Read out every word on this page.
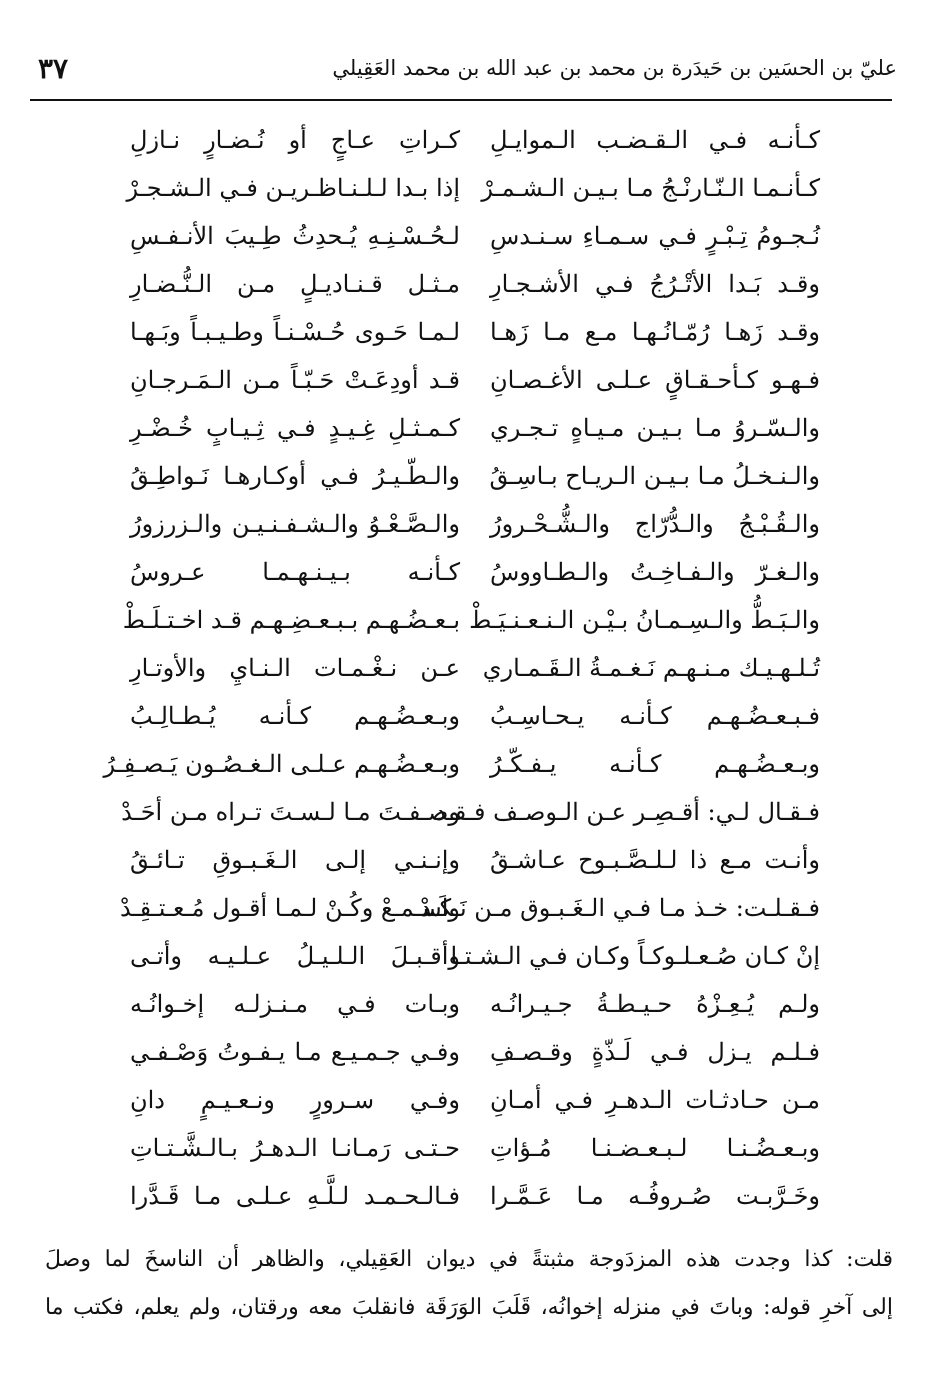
عليّ بن الحسَين بن حَيدَرة بن محمد بن عبد الله بن محمد العَقِيلي
٣٧
كـأنـه فـي الـقـضـب الـموايـلِ
كـراتِ عـاجٍ أو نُـضـارٍ نـازلِ
كـأنـمـا الـنّـارنْـجُ مـا بـيـن الـشـمـرْ
إذا بـدا لـلـنـاظـريـن فـي الـشـجـرْ
نُـجـومُ تِـبْـرٍ فـي سـمـاءِ سـنـدسِ
لـحُـسْـنِـهِ يُـحدِثُ طِـيبَ الأنـفـسِ
وقـد بَـدا الأتْـرُجُ فـي الأشـجـارِ
مـثـل قـنـاديـلٍ مـن الـنُّـضـارِ
وقـد زَهـا رُمّـانُـهـا مـع مـا زَهـا
لـمـا حَـوى حُـسْـنـاً وطـيـبـاً وبَـهـا
فـهـو كـأحـقـاقٍ عـلـى الأغـصـانِ
قـد أودِعَـتْ حَـبّـاً مـن الـمَـرجـانِ
والـسّـروُ مـا بـيـن مـيـاهٍ تـجـري
كـمـثـلِ غِـيـدٍ فـي ثِـيـابٍ خُـضْـرِ
والـنـخـلُ مـا بـيـن الـريـاح بـاسِـقُ
والـطّـيـرُ فـي أوكـارهـا نَـواطِـقُ
والـقُـبْـجُ والـدُّرّاج والـشُّـحْـرورُ
والـصَّـعْـوُ والـشـفـنـيـن والـزرزورُ
والـغـرّ والـفـاخِـتُ والـطـاووسُ
كـأنـه بـيـنـهـمـا عـروسُ
والـبَـطُّ والـسِـمـانُ بـيْـن الـنـعـنـيَـطْ
بـعـضُـهـم بـبـعـضِـهـم قـد اخـتـلَـطْ
تُـلـهـيـك مـنـهـم نَـغـمـةُ الـقَـمـاري
عـن نـغْـمـات الـنـايِ والأوتـارِ
فـبـعـضُـهـم كـأنـه يـحـاسِـبُ
وبـعـضُـهـم كـأنـه يُـطـالِـبُ
وبـعـضُـهـم كـأنـه يـفـكّـرُ
وبـعـضُـهـم عـلـى الـغـصُـون يَـصـفِـرُ
فـقـال لـي: أقـصِـر عـن الـوصـف فـقـد
وصـفـتَ مـا لـسـتَ تـراه مـن أحَـدْ
وأنـت مـع ذا لـلـصَّـبـوح عـاشـقُ
وإنـنـي إلـى الـغَـبـوقِ تـائـقُ
فـقـلـت: خـذ مـا فـي الـغَـبـوق مـن نَـكَـدْ
واسـمـعْ وكُـنْ لـمـا أقـول مُـعـتـقِـدْ
إنْ كـان صُـعـلـوكـاً وكـان فـي الـشـتـا
وأقـبـلَ الـلـيـلُ عـلـيـه وأتـى
ولـم يُـعِـزْهُ حـيـطـةُ جـيـرانُـه
وبـات فـي مـنـزلـه إخـوانُـه
فـلـم يـزل فـي لَـذّةٍ وقـصـفِ
وفـي جـمـيـع مـا يـفـوتُ وَصْـفـي
مـن حـادثـات الـدهـرِ فـي أمـانِ
وفـي سـرورٍ ونـعـيـمٍ دانِ
وبـعـضُـنـا لـبـعـضـنـا مُـؤاتِ
حـتـى رَمـانـا الـدهـرُ بـالـشَّـتـاتِ
وخَـرَّبـت صُـروفُـه مـا عَـمَّـرا
فـالـحـمـد لـلَّـهِ عـلـى مـا قَـدَّرا
قلت: كذا وجدت هذه المزدَوجة مثبتةً في ديوان العَقِيلي، والظاهر أن الناسخَ لما وصلَ
إلى آخرِ قوله: وباتَ في منزله إخوانُه، قَلَبَ الوَرَقَة فانقلبَ معه ورقتان، ولم يعلم، فكتب ما
